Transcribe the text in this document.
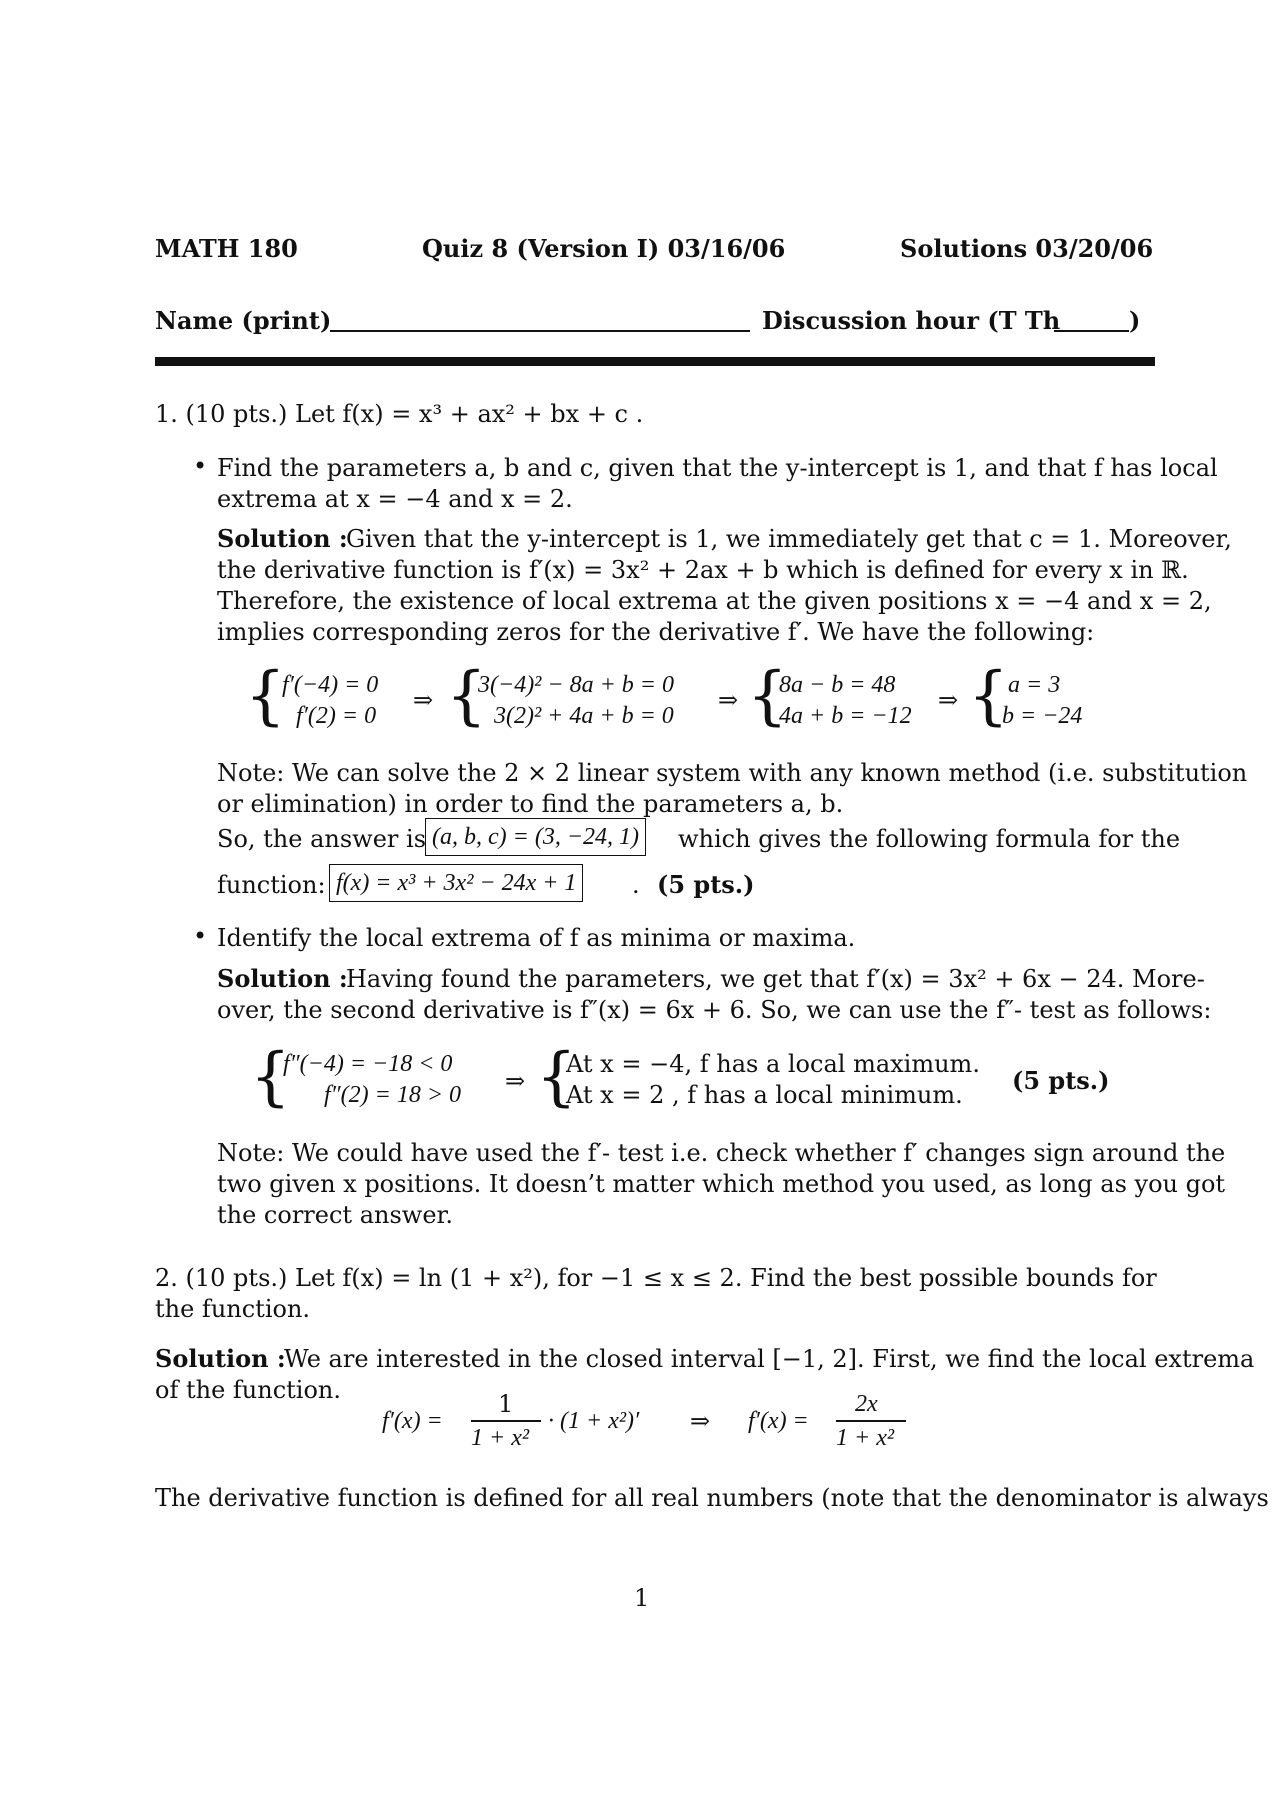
MATH 180	Quiz 8 (Version I) 03/16/06	Solutions 03/20/06
Name (print)	Discussion hour (T Th	)
1. (10 pts.) Let f(x) = x³ + ax² + bx + c .
• Find the parameters a, b and c, given that the y-intercept is 1, and that f has local
extrema at x = −4 and x = 2.
Solution :
Given that the y-intercept is 1, we immediately get that c = 1. Moreover,
the derivative function is f′(x) = 3x² + 2ax + b which is defined for every x in ℝ.
Therefore, the existence of local extrema at the given positions x = −4 and x = 2,
implies corresponding zeros for the derivative f′. We have the following:
{
f′(−4) = 0
f′(2) = 0
⇒ {
3(−4)² − 8a + b = 0
3(2)² + 4a + b = 0
⇒ {
8a − b = 48
4a + b = −12
⇒ { a = 3
b = −24
Note: We can solve the 2 × 2 linear system with any known method (i.e. substitution
or elimination) in order to find the parameters a, b.
So, the answer is (a, b, c) = (3, −24, 1) which gives the following formula for the
function: f(x) = x³ + 3x² − 24x + 1 . (5 pts.)
• Identify the local extrema of f as minima or maxima.
Solution :
Having found the parameters, we get that f′(x) = 3x² + 6x − 24. More-
over, the second derivative is f″(x) = 6x + 6. So, we can use the f″- test as follows:
{
f″(−4) = −18 < 0
f″(2) = 18 > 0 ⇒ {
At x = −4, f has a local maximum.
At x = 2 , f has a local minimum. (5 pts.)
Note: We could have used the f′- test i.e. check whether f′ changes sign around the
two given x positions. It doesn’t matter which method you used, as long as you got
the correct answer.
2. (10 pts.) Let f(x) = ln (1 + x²), for −1 ≤ x ≤ 2. Find the best possible bounds for
the function.
Solution :
We are interested in the closed interval [−1, 2]. First, we find the local extrema
of the function.
f′(x) =
1
1 + x²
· (1 + x²)′ ⇒ f′(x) =
2x
1 + x²
The derivative function is defined for all real numbers (note that the denominator is always
1
